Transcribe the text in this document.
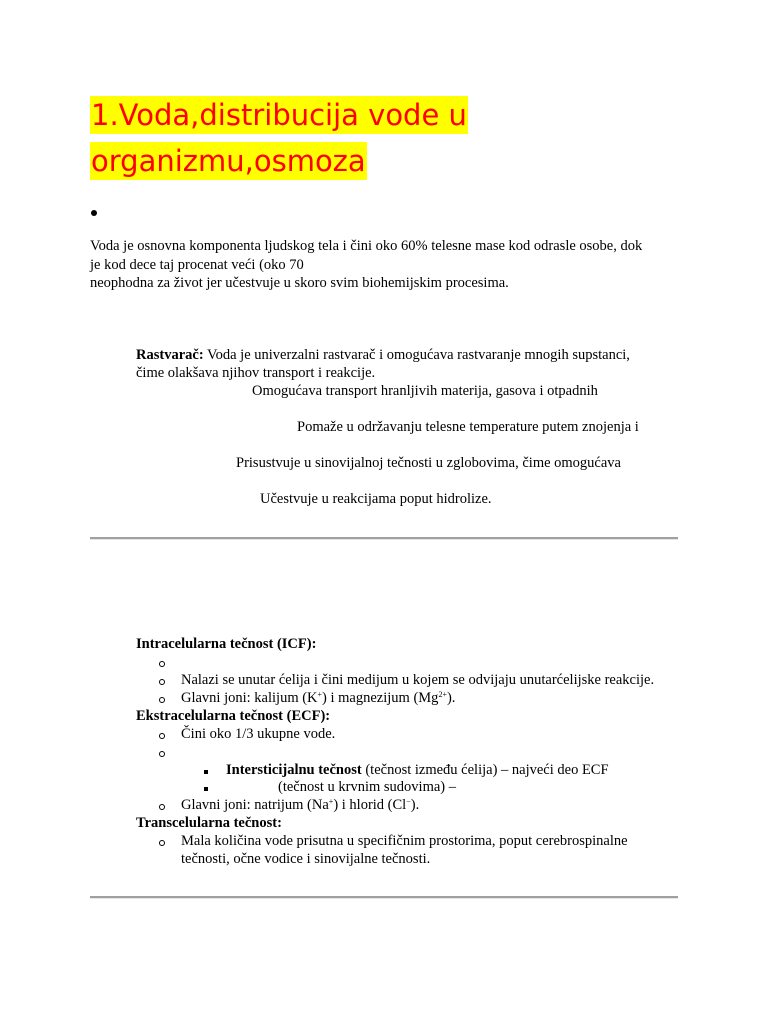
1.Voda,distribucija vode u
organizmu,osmoza
Voda je osnovna komponenta ljudskog tela i čini oko 60% telesne mase kod odrasle osobe, dok
je kod dece taj procenat veći (oko 70
neophodna za život jer učestvuje u skoro svim biohemijskim procesima.
Rastvarač: Voda je univerzalni rastvarač i omogućava rastvaranje mnogih supstanci,
čime olakšava njihov transport i reakcije.
Omogućava transport hranljivih materija, gasova i otpadnih
Pomaže u održavanju telesne temperature putem znojenja i
Prisustvuje u sinovijalnoj tečnosti u zglobovima, čime omogućava
Učestvuje u reakcijama poput hidrolize.
Intracelularna tečnost (ICF):
Nalazi se unutar ćelija i čini medijum u kojem se odvijaju unutarćelijske reakcije.
Glavni joni: kalijum (K+) i magnezijum $(Mg^{2+})$.
Ekstracelularna tečnost (ECF):
Čini oko 1/3 ukupne vode.
Intersticijalnu tečnost (tečnost između ćelija) – najveći deo ECF
(tečnost u krvnim sudovima) –
Glavni joni: natrijum (Na+) i hlorid (Cl−).
Transcelularna tečnost:
Mala količina vode prisutna u specifičnim prostorima, poput cerebrospinalne
tečnosti, očne vodice i sinovijalne tečnosti.
